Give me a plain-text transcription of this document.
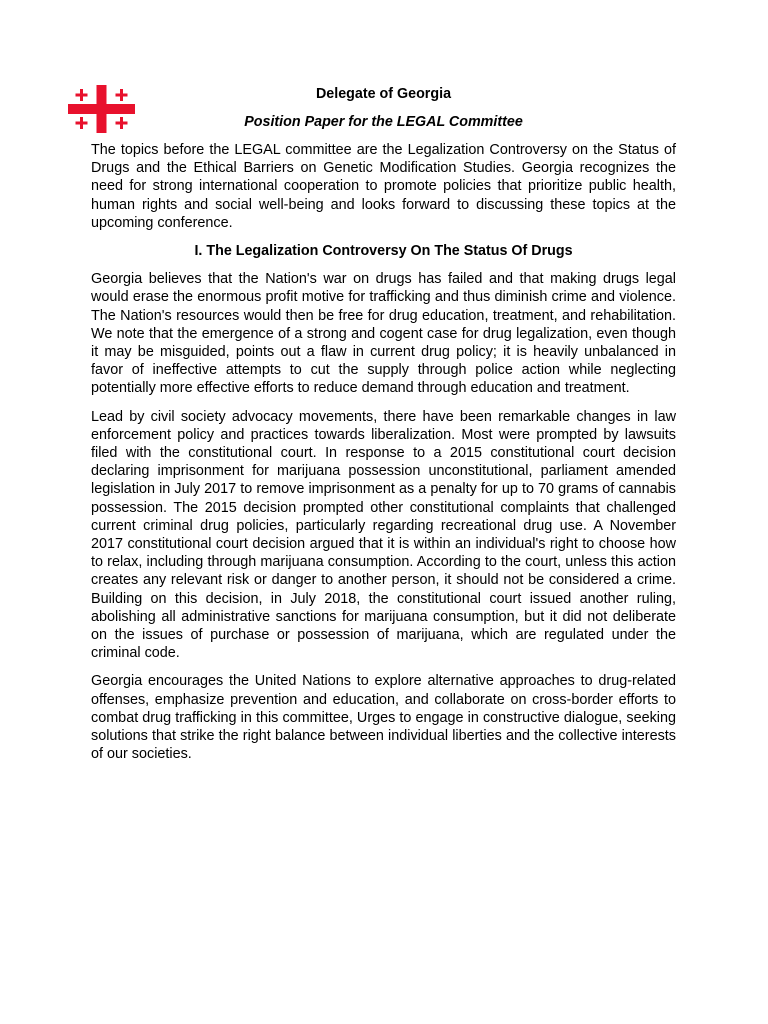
Delegate of Georgia
Position Paper for the LEGAL Committee

The topics before the LEGAL committee are the Legalization Controversy on the Status of Drugs and the Ethical Barriers on Genetic Modification Studies. Georgia recognizes the need for strong international cooperation to promote policies that prioritize public health, human rights and social well-being and looks forward to discussing these topics at the upcoming conference.

I. The Legalization Controversy On The Status Of Drugs

Georgia believes that the Nation's war on drugs has failed and that making drugs legal would erase the enormous profit motive for trafficking and thus diminish crime and violence. The Nation's resources would then be free for drug education, treatment, and rehabilitation. We note that the emergence of a strong and cogent case for drug legalization, even though it may be misguided, points out a flaw in current drug policy; it is heavily unbalanced in favor of ineffective attempts to cut the supply through police action while neglecting potentially more effective efforts to reduce demand through education and treatment.

Lead by civil society advocacy movements, there have been remarkable changes in law enforcement policy and practices towards liberalization. Most were prompted by lawsuits filed with the constitutional court. In response to a 2015 constitutional court decision declaring imprisonment for marijuana possession unconstitutional, parliament amended legislation in July 2017 to remove imprisonment as a penalty for up to 70 grams of cannabis possession. The 2015 decision prompted other constitutional complaints that challenged current criminal drug policies, particularly regarding recreational drug use. A November 2017 constitutional court decision argued that it is within an individual's right to choose how to relax, including through marijuana consumption. According to the court, unless this action creates any relevant risk or danger to another person, it should not be considered a crime. Building on this decision, in July 2018, the constitutional court issued another ruling, abolishing all administrative sanctions for marijuana consumption, but it did not deliberate on the issues of purchase or possession of marijuana, which are regulated under the criminal code.

Georgia encourages the United Nations to explore alternative approaches to drug-related offenses, emphasize prevention and education, and collaborate on cross-border efforts to combat drug trafficking in this committee, Urges to engage in constructive dialogue, seeking solutions that strike the right balance between individual liberties and the collective interests of our societies.
